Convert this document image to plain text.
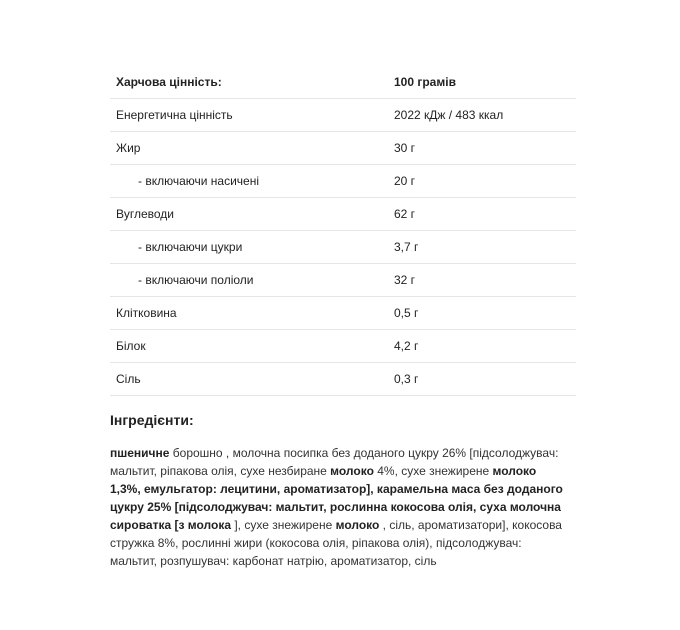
Харчова цінність:	100 грамів
Енергетична цінність	2022 кДж / 483 ккал
Жир	30 г
- включаючи насичені	20 г
Вуглеводи	62 г
- включаючи цукри	3,7 г
- включаючи поліоли	32 г
Клітковина	0,5 г
Білок	4,2 г
Сіль	0,3 г
Інгредієнти:

пшеничне борошно , молочна посипка без доданого цукру 26% [підсолоджувач: мальтит, ріпакова олія, сухе незбиране молоко 4%, сухе знежирене молоко 1,3%, емульгатор: лецитини, ароматизатор], карамельна маса без доданого цукру 25% [підсолоджувач: мальтит, рослинна кокосова олія, суха молочна сироватка [з молока ], сухе знежирене молоко , сіль, ароматизатори], кокосова стружка 8%, рослинні жири (кокосова олія, ріпакова олія), підсолоджувач: мальтит, розпушувач: карбонат натрію, ароматизатор, сіль
